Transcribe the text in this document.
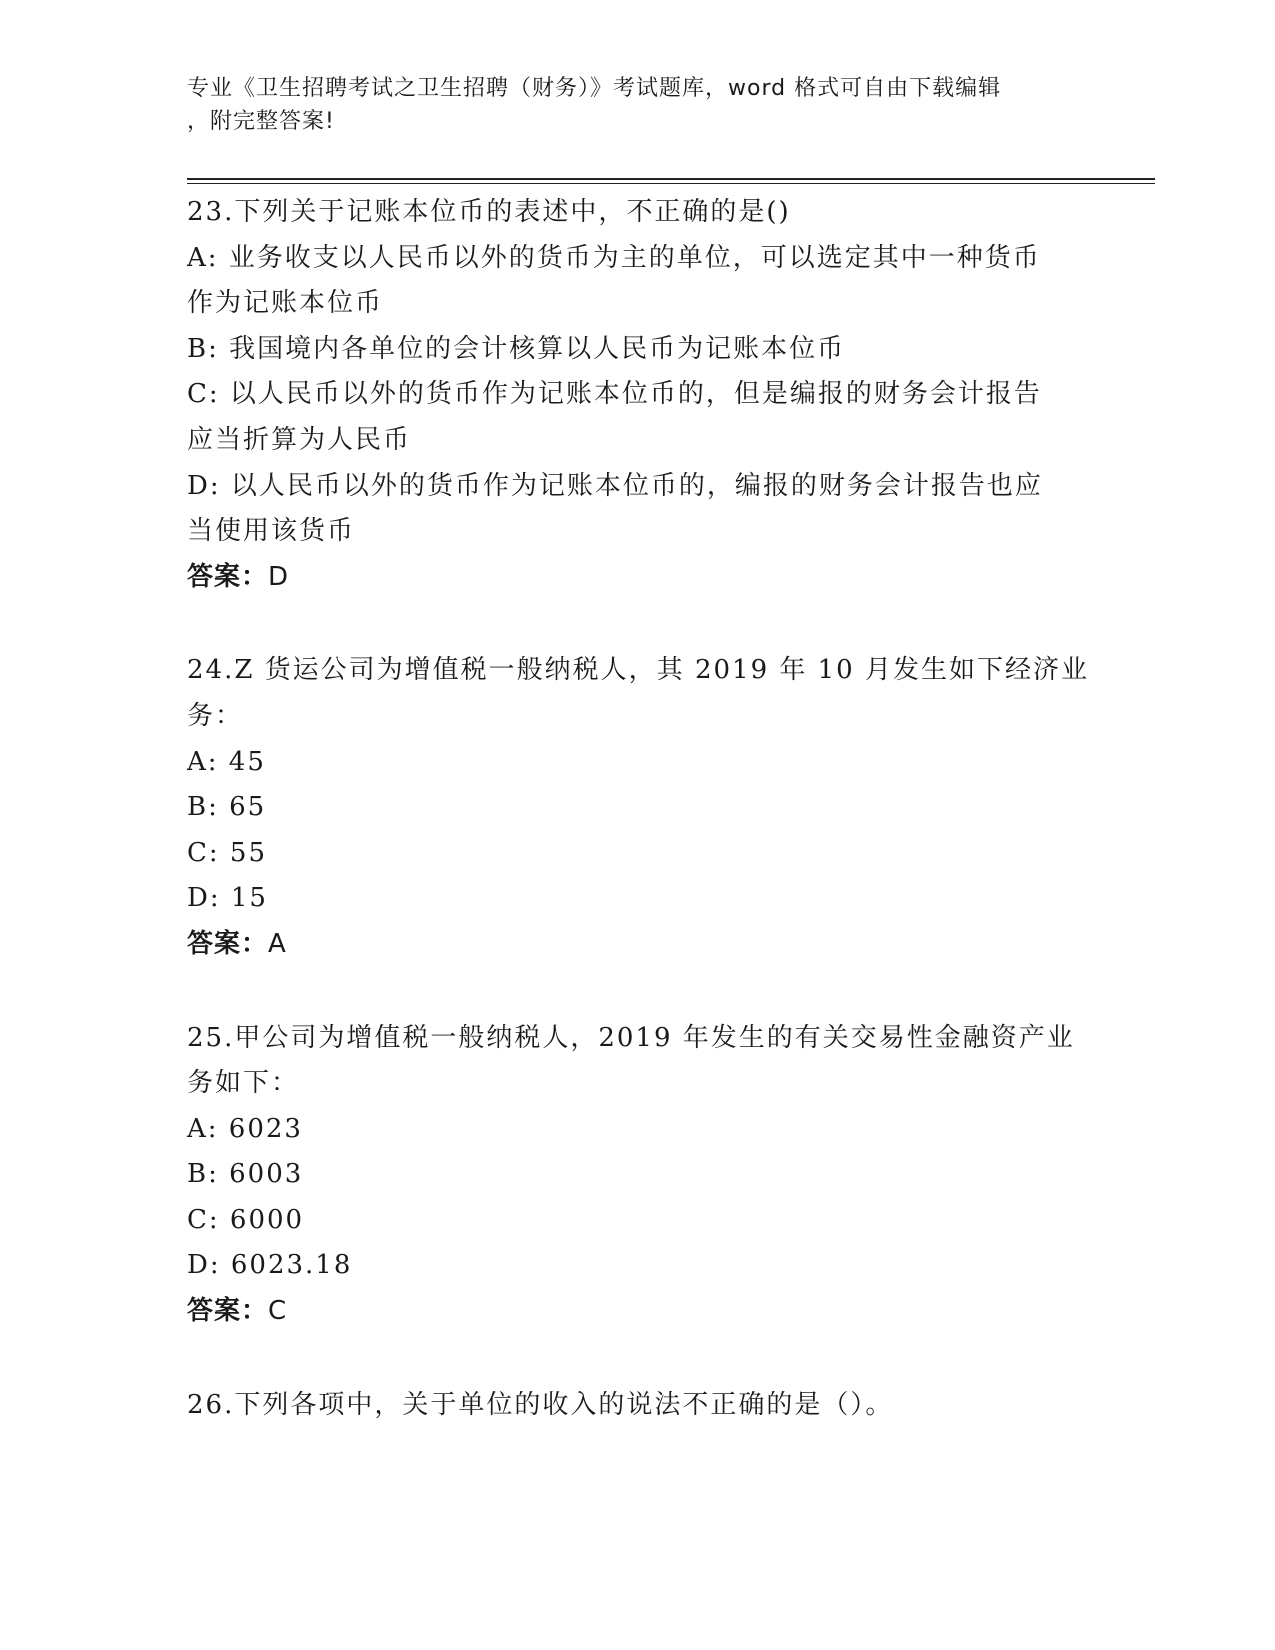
专业《卫生招聘考试之卫生招聘（财务）》考试题库，word 格式可自由下载编辑
，附完整答案!
23.下列关于记账本位币的表述中，不正确的是()
A: 业务收支以人民币以外的货币为主的单位，可以选定其中一种货币
作为记账本位币
B: 我国境内各单位的会计核算以人民币为记账本位币
C: 以人民币以外的货币作为记账本位币的，但是编报的财务会计报告
应当折算为人民币
D: 以人民币以外的货币作为记账本位币的，编报的财务会计报告也应
当使用该货币
答案：D
24.Z 货运公司为增值税一般纳税人，其 2019 年 10 月发生如下经济业
务：
A: 45
B: 65
C: 55
D: 15
答案：A
25.甲公司为增值税一般纳税人，2019 年发生的有关交易性金融资产业
务如下：
A: 6023
B: 6003
C: 6000
D: 6023.18
答案：C
26.下列各项中，关于单位的收入的说法不正确的是（）。
